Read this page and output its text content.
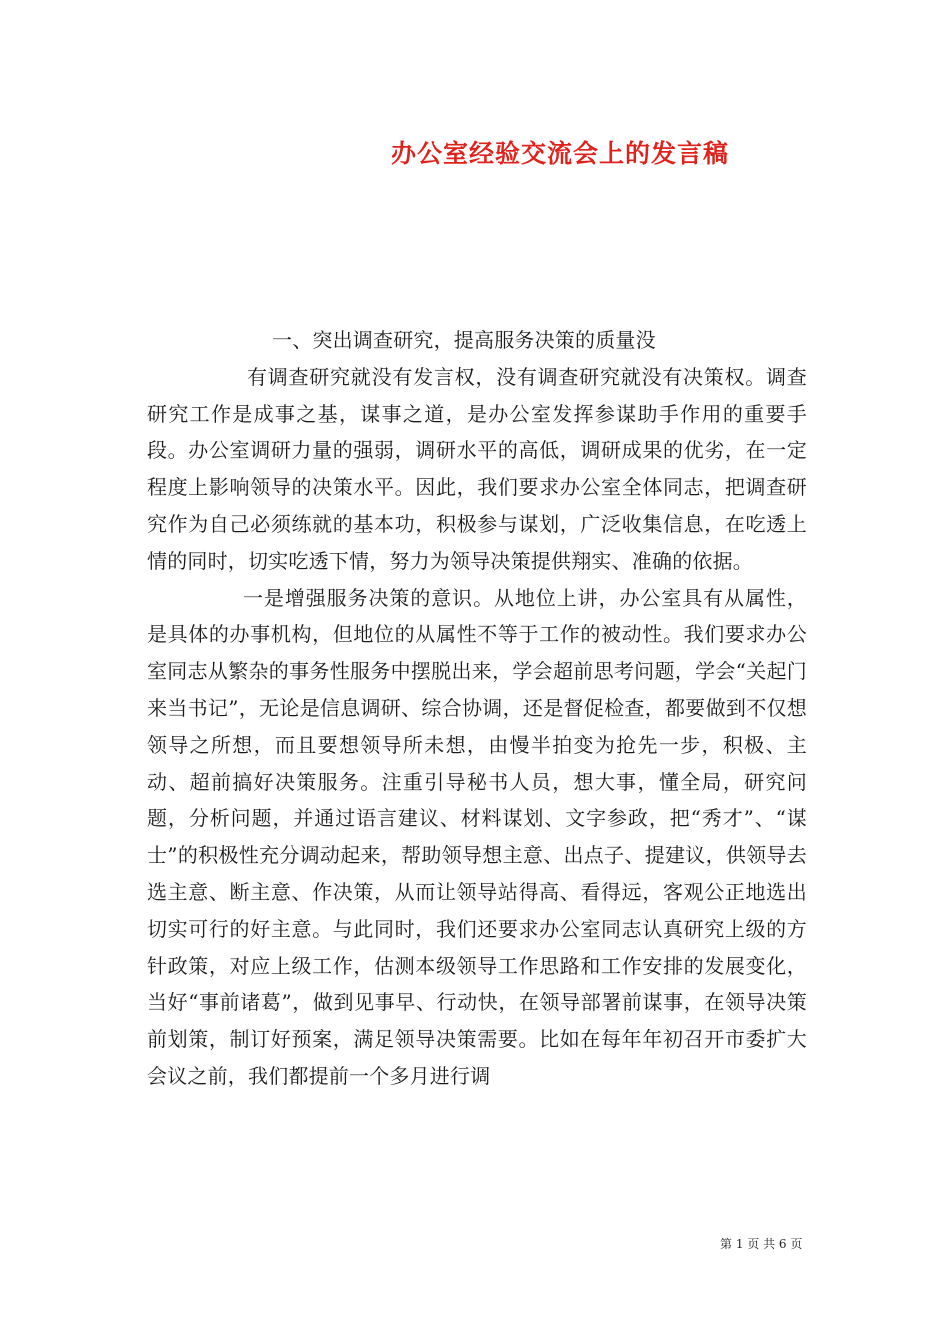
办公室经验交流会上的发言稿

一、突出调查研究，提高服务决策的质量没

有调查研究就没有发言权，没有调查研究就没有决策权。调查研究工作是成事之基，谋事之道，是办公室发挥参谋助手作用的重要手段。办公室调研力量的强弱，调研水平的高低，调研成果的优劣，在一定程度上影响领导的决策水平。因此，我们要求办公室全体同志，把调查研究作为自己必须练就的基本功，积极参与谋划，广泛收集信息，在吃透上情的同时，切实吃透下情，努力为领导决策提供翔实、准确的依据。

一是增强服务决策的意识。从地位上讲，办公室具有从属性，是具体的办事机构，但地位的从属性不等于工作的被动性。我们要求办公室同志从繁杂的事务性服务中摆脱出来，学会超前思考问题，学会“关起门来当书记”，无论是信息调研、综合协调，还是督促检查，都要做到不仅想领导之所想，而且要想领导所未想，由慢半拍变为抢先一步，积极、主动、超前搞好决策服务。注重引导秘书人员，想大事，懂全局，研究问题，分析问题，并通过语言建议、材料谋划、文字参政，把“秀才”、“谋士”的积极性充分调动起来，帮助领导想主意、出点子、提建议，供领导去选主意、断主意、作决策，从而让领导站得高、看得远，客观公正地选出切实可行的好主意。与此同时，我们还要求办公室同志认真研究上级的方针政策，对应上级工作，估测本级领导工作思路和工作安排的发展变化，当好“事前诸葛”，做到见事早、行动快，在领导部署前谋事，在领导决策前划策，制订好预案，满足领导决策需要。比如在每年年初召开市委扩大会议之前，我们都提前一个多月进行调

第 1 页 共 6 页
